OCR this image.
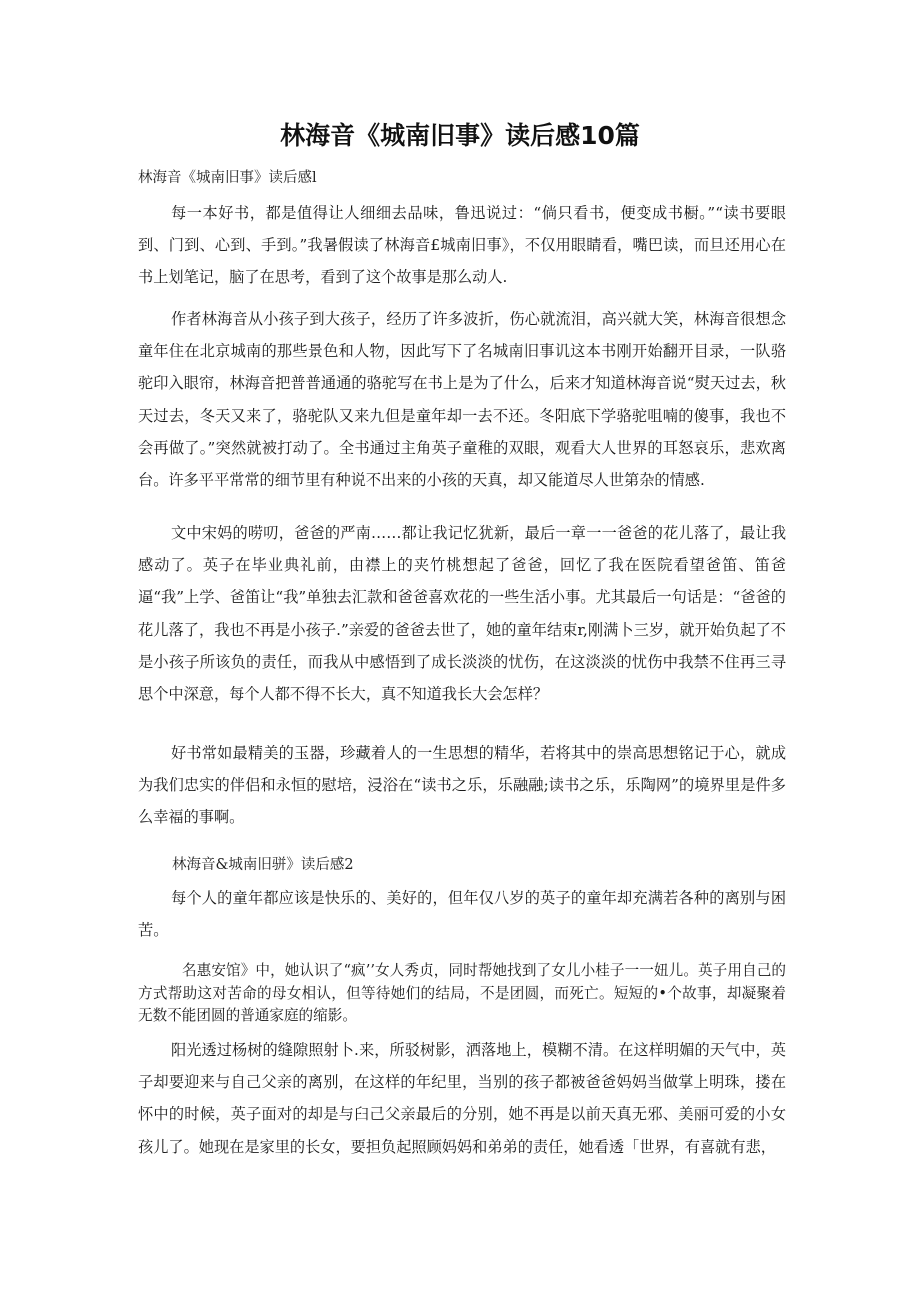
林海音《城南旧事》读后感10篇
林海音《城南旧事》读后感l

每一本好书，都是值得让人细细去品味，鲁迅说过：“倘只看书，便变成书橱。”“读书要眼到、门到、心到、手到。”我暑假读了林海音£城南旧事》，不仅用眼睛看，嘴巴读，而旦还用心在书上划笔记，脑了在思考，看到了这个故事是那么动人.

作者林海音从小孩子到大孩子，经历了许多波折，伤心就流泪，高兴就大笑，林海音很想念童年住在北京城南的那些景色和人物，因此写下了名城南旧事讥这本书刚开始翻开目录，一队骆驼印入眼帘，林海音把普普通通的骆驼写在书上是为了什么，后来才知道林海音说“熨天过去，秋天过去，冬天又来了，骆驼队又来九但是童年却一去不还。冬阳底下学骆驼咀喃的傻事，我也不会再做了。”突然就被打动了。全书通过主角英子童稚的双眼，观看大人世界的耳怒哀乐，悲欢离台。许多平平常常的细节里有种说不出来的小孩的天真，却又能道尽人世第杂的情感.

文中宋妈的唠叨，爸爸的严南……都让我记忆犹新，最后一章一一爸爸的花儿落了，最让我感动了。英子在毕业典礼前，由襟上的夹竹桃想起了爸爸，回忆了我在医院看望爸笛、笛爸逼“我”上学、爸笛让“我”单独去汇款和爸爸喜欢花的一些生活小事。尤其最后一句话是：“爸爸的花儿落了，我也不再是小孩子.”亲爱的爸爸去世了，她的童年结束r,刚满卜三岁，就开始负起了不是小孩子所该负的责任，而我从中感悟到了成长淡淡的忧伤，在这淡淡的忧伤中我禁不住再三寻思个中深意，每个人都不得不长大，真不知道我长大会怎样？

好书常如最精美的玉器，珍藏着人的一生思想的精华，若将其中的崇高思想铭记于心，就成为我们忠实的伴侣和永恒的慰培，浸浴在“读书之乐，乐融融;读书之乐，乐陶网”的境界里是件多么幸福的事啊。

林海音&城南旧骈》读后感2

每个人的童年都应该是快乐的、美好的，但年仅八岁的英子的童年却充满若各种的离别与困苦。

名惠安馆》中，她认识了“疯’’女人秀贞，同时帮她找到了女儿小桂子一一妞儿。英子用自己的方式帮助这对苦命的母女相认，但等待她们的结局，不是团圆，而死亡。短短的•个故事，却凝聚着无数不能团圆的普通家庭的缩影。

阳光透过杨树的缝隙照射卜.来，所驳树影，洒落地上，模糊不清。在这样明媚的天气中，英子却要迎来与自己父亲的离别，在这样的年纪里，当别的孩子都被爸爸妈妈当做掌上明珠，搂在怀中的时候，英子面对的却是与臼己父亲最后的分别，她不再是以前天真无邪、美丽可爱的小女孩儿了。她现在是家里的长女，要担负起照顾妈妈和弟弟的责任，她看透「世界，有喜就有悲，
